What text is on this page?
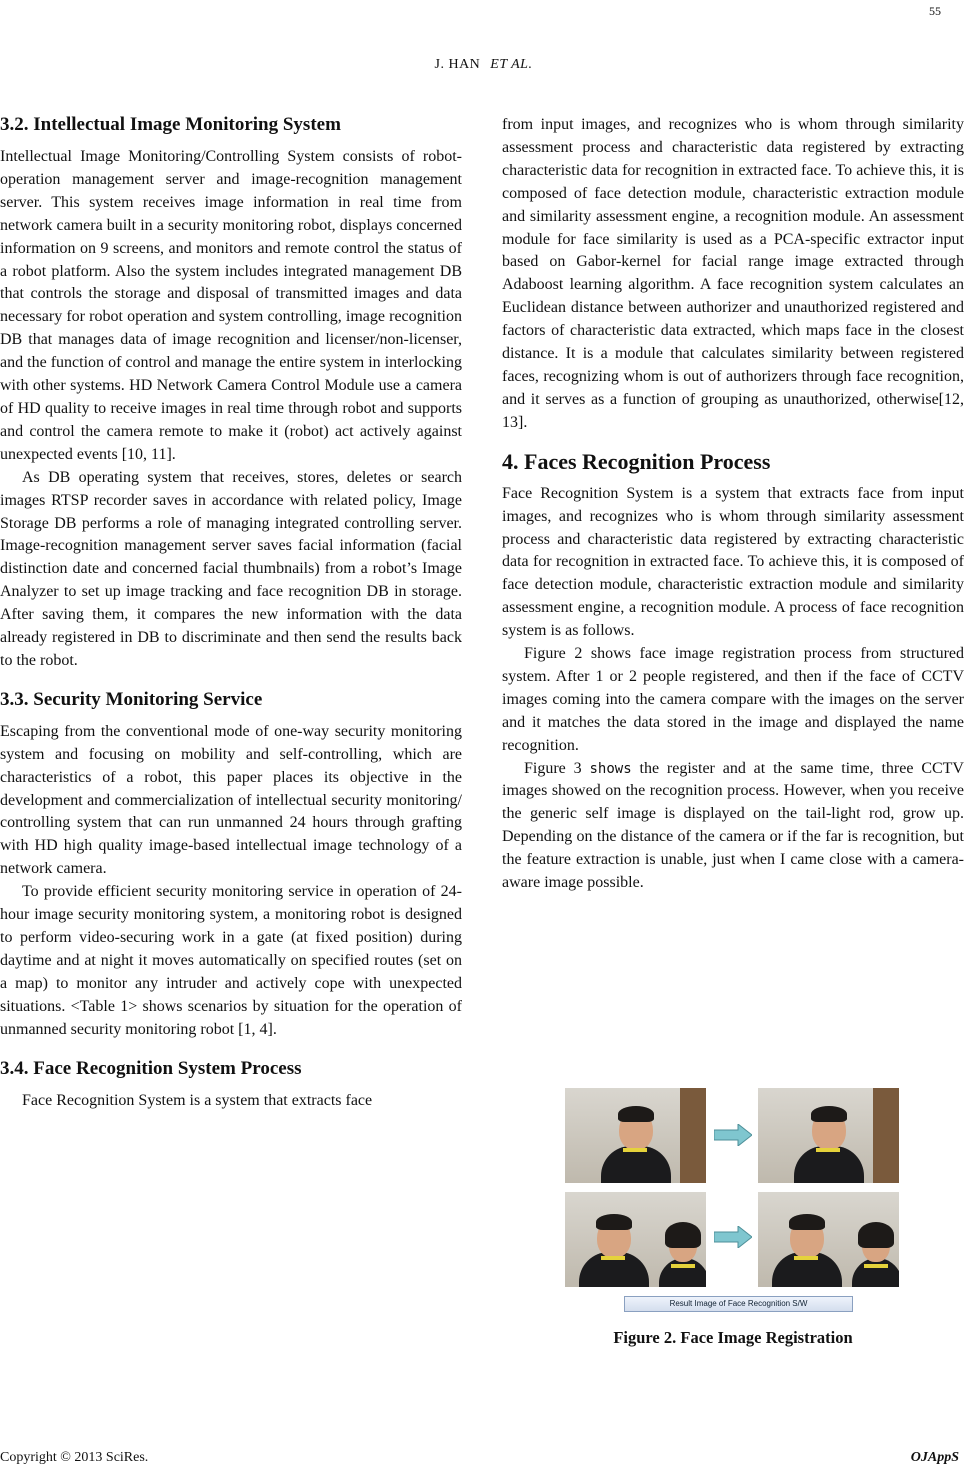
55
J. HAN ET AL.
3.2. Intellectual Image Monitoring System

Intellectual Image Monitoring/Controlling System consists of robot-operation management server and image-recognition management server. This system receives image information in real time from network camera built in a security monitoring robot, displays concerned information on 9 screens, and monitors and remote control the status of a robot platform. Also the system includes integrated management DB that controls the storage and disposal of transmitted images and data necessary for robot operation and system controlling, image recognition DB that manages data of image recognition and licenser/non-licenser, and the function of control and manage the entire system in interlocking with other systems. HD Network Camera Control Module use a camera of HD quality to receive images in real time through robot and supports and control the camera remote to make it (robot) act actively against unexpected events [10, 11].

As DB operating system that receives, stores, deletes or search images RTSP recorder saves in accordance with related policy, Image Storage DB performs a role of managing integrated controlling server. Image-recognition management server saves facial information (facial distinction date and concerned facial thumbnails) from a robot’s Image Analyzer to set up image tracking and face recognition DB in storage. After saving them, it compares the new information with the data already registered in DB to discriminate and then send the results back to the robot.

3.3. Security Monitoring Service

Escaping from the conventional mode of one-way security monitoring system and focusing on mobility and self-controlling, which are characteristics of a robot, this paper places its objective in the development and commercialization of intellectual security monitoring/ controlling system that can run unmanned 24 hours through grafting with HD high quality image-based intellectual image technology of a network camera.

To provide efficient security monitoring service in operation of 24-hour image security monitoring system, a monitoring robot is designed to perform video-securing work in a gate (at fixed position) during daytime and at night it moves automatically on specified routes (set on a map) to monitor any intruder and actively cope with unexpected situations. <Table 1> shows scenarios by situation for the operation of unmanned security monitoring robot [1, 4].

3.4. Face Recognition System Process

Face Recognition System is a system that extracts face

from input images, and recognizes who is whom through similarity assessment process and characteristic data registered by extracting characteristic data for recognition in extracted face. To achieve this, it is composed of face detection module, characteristic extraction module and similarity assessment engine, a recognition module. An assessment module for face similarity is used as a PCA-specific extractor input based on Gabor-kernel for facial range image extracted through Adaboost learning algorithm. A face recognition system calculates an Euclidean distance between authorizer and unauthorized registered and factors of characteristic data extracted, which maps face in the closest distance. It is a module that calculates similarity between registered faces, recognizing whom is out of authorizers through face recognition, and it serves as a function of grouping as unauthorized, otherwise[12, 13].

4. Faces Recognition Process

Face Recognition System is a system that extracts face from input images, and recognizes who is whom through similarity assessment process and characteristic data registered by extracting characteristic data for recognition in extracted face. To achieve this, it is composed of face detection module, characteristic extraction module and similarity assessment engine, a recognition module. A process of face recognition system is as follows.

Figure 2 shows face image registration process from structured system. After 1 or 2 people registered, and then if the face of CCTV images coming into the camera compare with the images on the server and it matches the data stored in the image and displayed the name recognition.

Figure 3 shows the register and at the same time, three CCTV images showed on the recognition process. However, when you receive the generic self image is displayed on the tail-light rod, grow up. Depending on the distance of the camera or if the far is recognition, but the feature extraction is unable, just when I came close with a camera-aware image possible.

Result Image of Face Recognition S/W
Figure 2. Face Image Registration
Copyright © 2013 SciRes.	OJAppS
